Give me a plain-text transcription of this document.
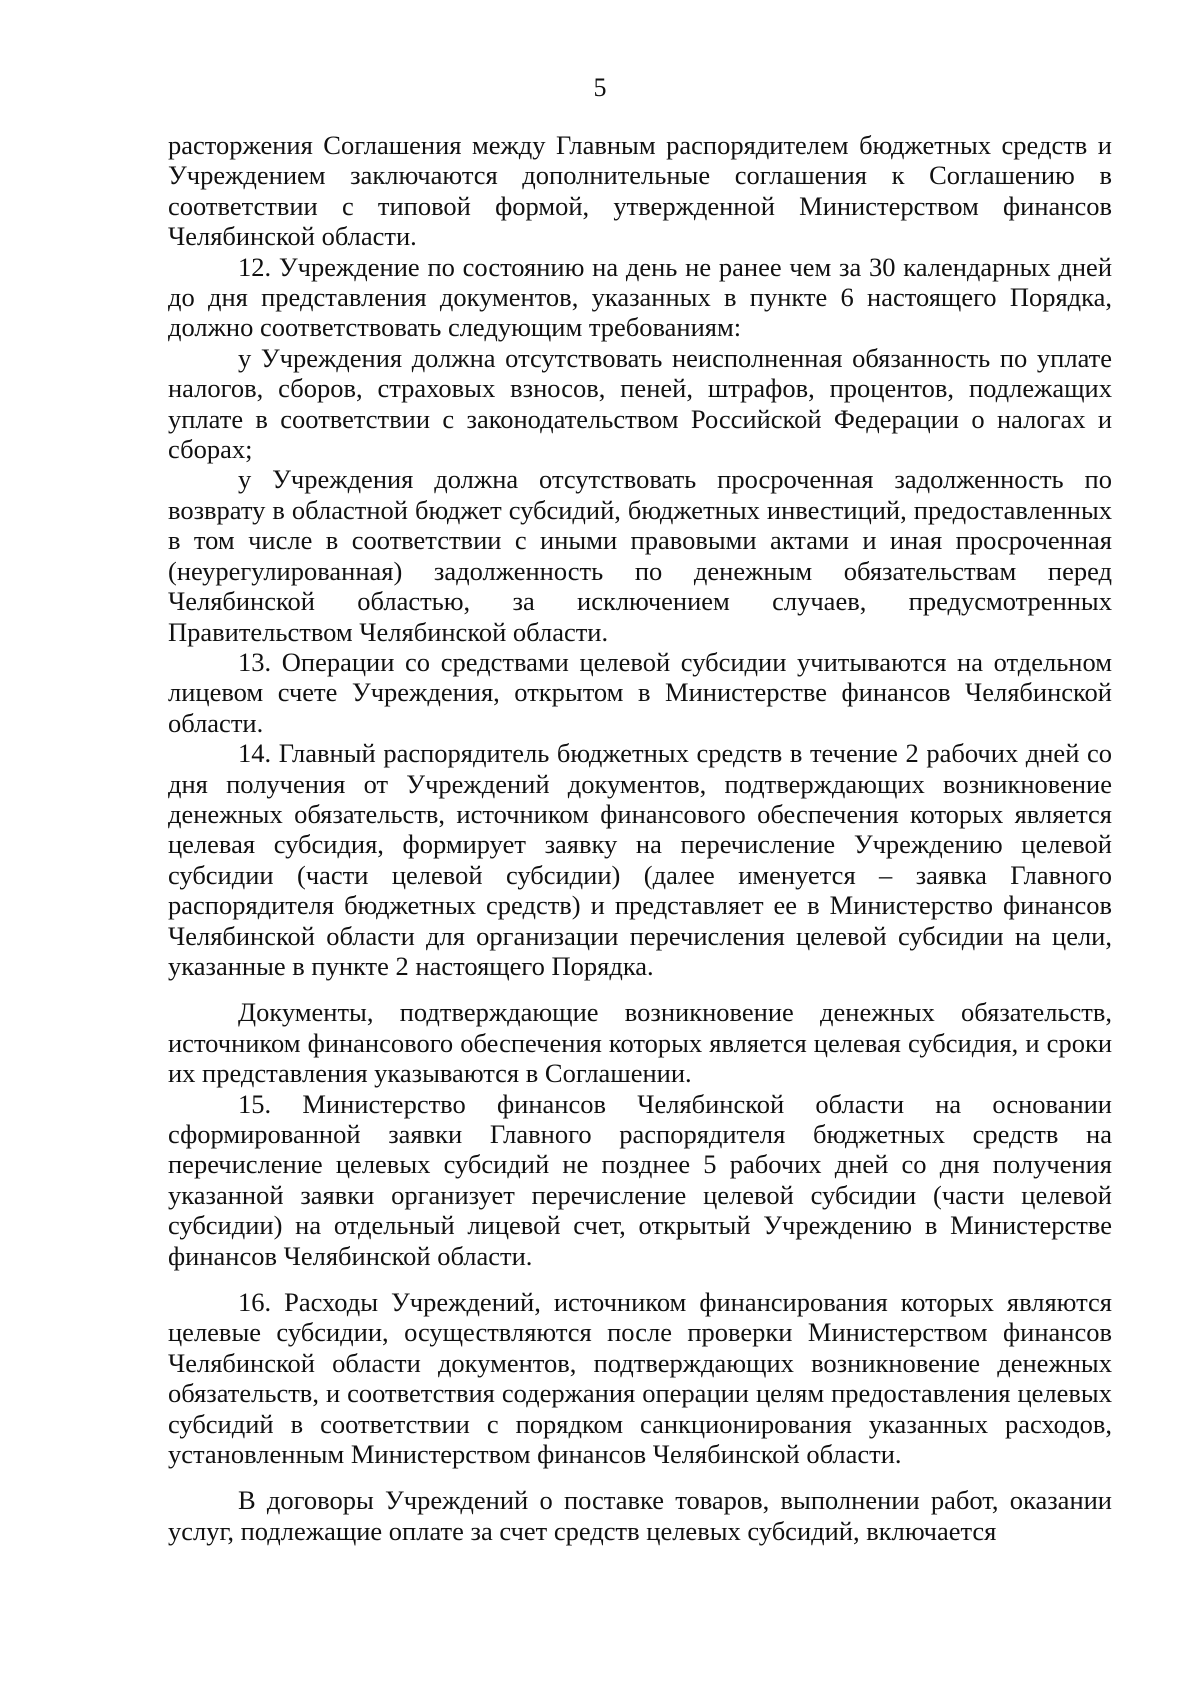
5

расторжения Соглашения между Главным распорядителем бюджетных средств и Учреждением заключаются дополнительные соглашения к Соглашению в соответствии с типовой формой, утвержденной Министерством финансов Челябинской области.

12. Учреждение по состоянию на день не ранее чем за 30 календарных дней до дня представления документов, указанных в пункте 6 настоящего Порядка, должно соответствовать следующим требованиям:

у Учреждения должна отсутствовать неисполненная обязанность по уплате налогов, сборов, страховых взносов, пеней, штрафов, процентов, подлежащих уплате в соответствии с законодательством Российской Федерации о налогах и сборах;

у Учреждения должна отсутствовать просроченная задолженность по возврату в областной бюджет субсидий, бюджетных инвестиций, предоставленных в том числе в соответствии с иными правовыми актами и иная просроченная (неурегулированная) задолженность по денежным обязательствам перед Челябинской областью, за исключением случаев, предусмотренных Правительством Челябинской области.

13. Операции со средствами целевой субсидии учитываются на отдельном лицевом счете Учреждения, открытом в Министерстве финансов Челябинской области.

14. Главный распорядитель бюджетных средств в течение 2 рабочих дней со дня получения от Учреждений документов, подтверждающих возникновение денежных обязательств, источником финансового обеспечения которых является целевая субсидия, формирует заявку на перечисление Учреждению целевой субсидии (части целевой субсидии) (далее именуется – заявка Главного распорядителя бюджетных средств) и представляет ее в Министерство финансов Челябинской области для организации перечисления целевой субсидии на цели, указанные в пункте 2 настоящего Порядка.

Документы, подтверждающие возникновение денежных обязательств, источником финансового обеспечения которых является целевая субсидия, и сроки их представления указываются в Соглашении.

15. Министерство финансов Челябинской области на основании сформированной заявки Главного распорядителя бюджетных средств на перечисление целевых субсидий не позднее 5 рабочих дней со дня получения указанной заявки организует перечисление целевой субсидии (части целевой субсидии) на отдельный лицевой счет, открытый Учреждению в Министерстве финансов Челябинской области.

16. Расходы Учреждений, источником финансирования которых являются целевые субсидии, осуществляются после проверки Министерством финансов Челябинской области документов, подтверждающих возникновение денежных обязательств, и соответствия содержания операции целям предоставления целевых субсидий в соответствии с порядком санкционирования указанных расходов, установленным Министерством финансов Челябинской области.

В договоры Учреждений о поставке товаров, выполнении работ, оказании услуг, подлежащие оплате за счет средств целевых субсидий, включается
